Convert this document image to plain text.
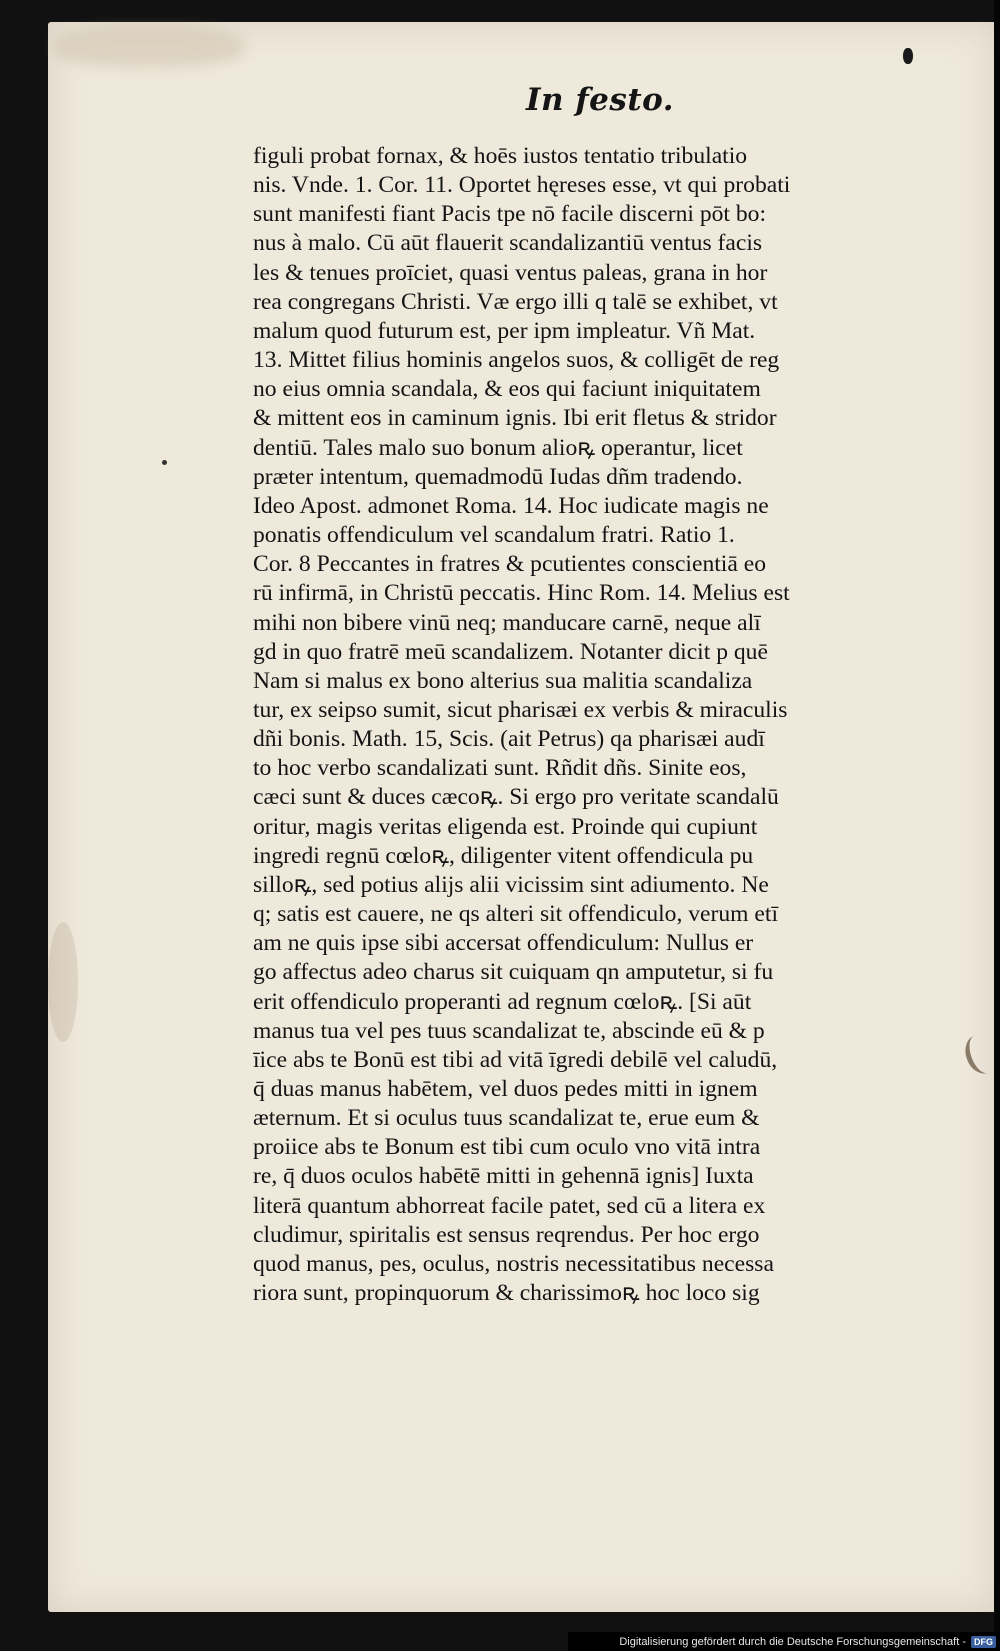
In festo.
figuli probat fornax, & hoēs iustos tentatio tribulatio
nis. Vnde. 1. Cor. 11. Oportet hęreses esse, vt qui probati
sunt manifesti fiant Pacis tpe nō facile discerni pōt bo:
nus à malo. Cū aūt flauerit scandalizantiū ventus facis
les & tenues proīciet, quasi ventus paleas, grana in hor
rea congregans Christi. Væ ergo illi q talē se exhibet, vt
malum quod futurum est, per ipm impleatur. Vñ Mat.
13. Mittet filius hominis angelos suos, & colligēt de reg
no eius omnia scandala, & eos qui faciunt iniquitatem
& mittent eos in caminum ignis. Ibi erit fletus & stridor
dentiū. Tales malo suo bonum alioꝶ operantur, licet
præter intentum, quemadmodū Iudas dñm tradendo.
Ideo Apost. admonet Roma. 14. Hoc iudicate magis ne
ponatis offendiculum vel scandalum fratri. Ratio 1.
Cor. 8 Peccantes in fratres & pcutientes conscientiā eo
rū infirmā, in Christū peccatis. Hinc Rom. 14. Melius est
mihi non bibere vinū neq; manducare carnē, neque alī
gd in quo fratrē meū scandalizem. Notanter dicit p quē
Nam si malus ex bono alterius sua malitia scandaliza
tur, ex seipso sumit, sicut pharisæi ex verbis & miraculis
dñi bonis. Math. 15, Scis. (ait Petrus) qa pharisæi audī
to hoc verbo scandalizati sunt. Rñdit dñs. Sinite eos,
cæci sunt & duces cæcoꝶ. Si ergo pro veritate scandalū
oritur, magis veritas eligenda est. Proinde qui cupiunt
ingredi regnū cœloꝶ, diligenter vitent offendicula pu
silloꝶ, sed potius alijs alii vicissim sint adiumento. Ne
q; satis est cauere, ne qs alteri sit offendiculo, verum etī
am ne quis ipse sibi accersat offendiculum: Nullus er
go affectus adeo charus sit cuiquam qn amputetur, si fu
erit offendiculo properanti ad regnum cœloꝶ. [Si aūt
manus tua vel pes tuus scandalizat te, abscinde eū & p
īice abs te Bonū est tibi ad vitā īgredi debilē vel caludū,
q̄ duas manus habētem, vel duos pedes mitti in ignem
æternum. Et si oculus tuus scandalizat te, erue eum &
proiice abs te Bonum est tibi cum oculo vno vitā intra
re, q̄ duos oculos habētē mitti in gehennā ignis] Iuxta
literā quantum abhorreat facile patet, sed cū a litera ex
cludimur, spiritalis est sensus reqrendus. Per hoc ergo
quod manus, pes, oculus, nostris necessitatibus necessa
riora sunt, propinquorum & charissimoꝶ hoc loco sig
Digitalisierung gefördert durch die Deutsche Forschungsgemeinschaft - DFG
